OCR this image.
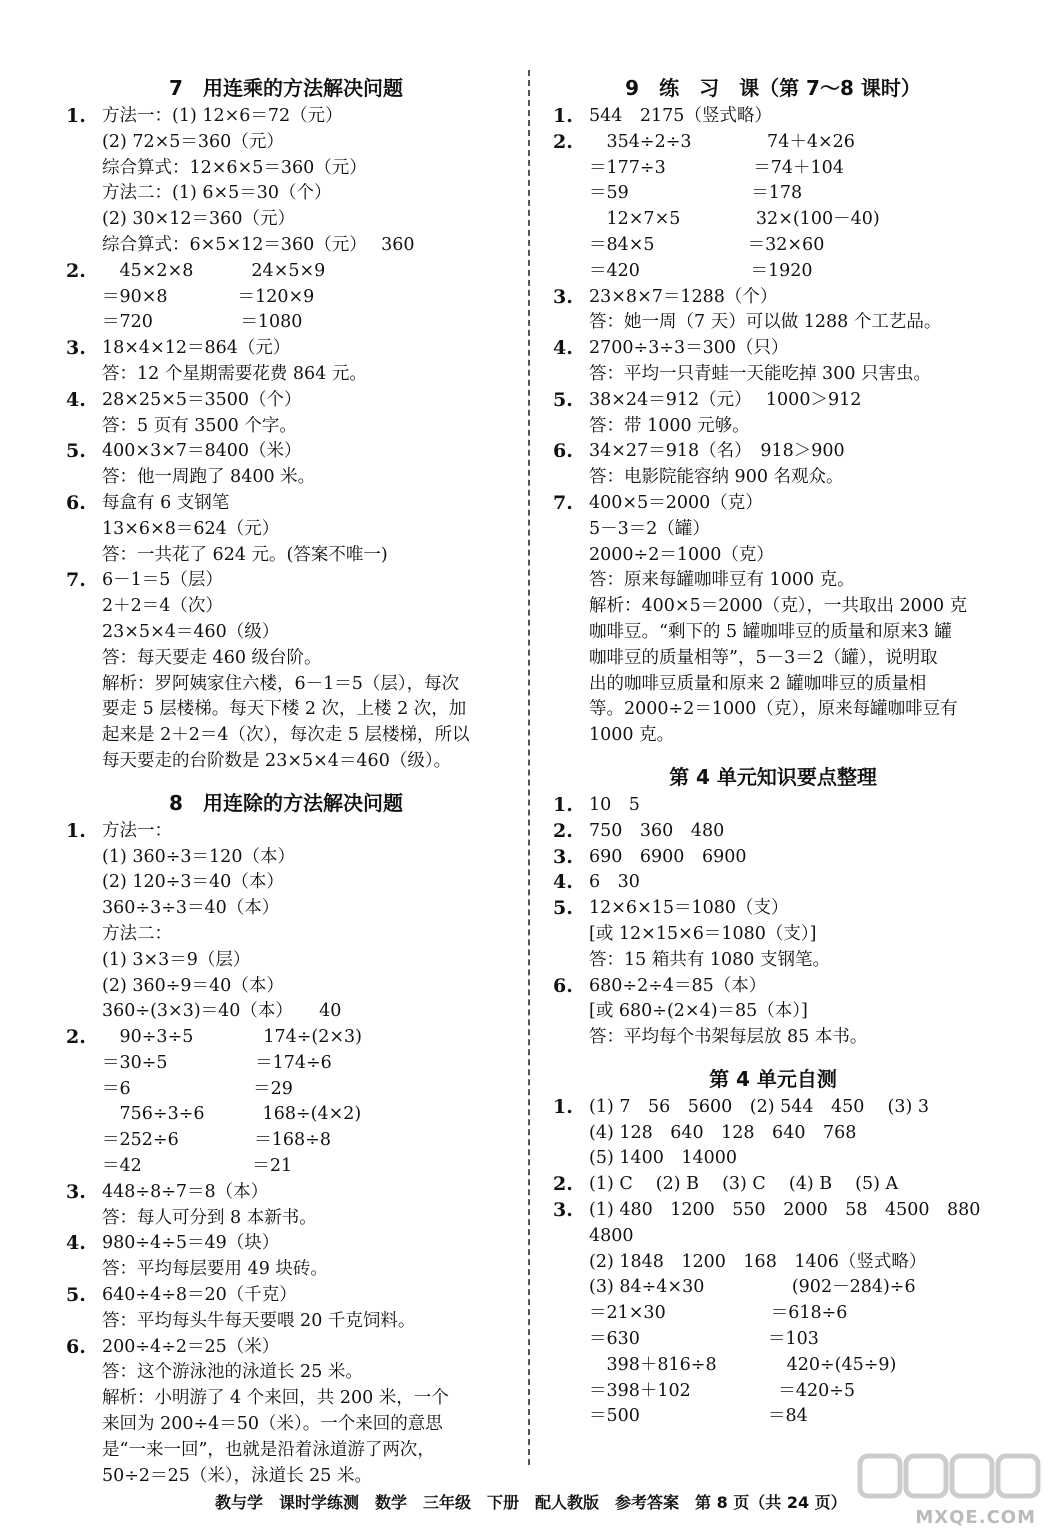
7　用连乘的方法解决问题
1. 方法一：(1) 12×6＝72（元）
(2) 72×5＝360（元）
综合算式：12×6×5＝360（元）
方法二：(1) 6×5＝30（个）
(2) 30×12＝360（元）
综合算式：6×5×12＝360（元）　 360
2. 　45×2×8　　　 24×5×9
＝90×8　　　　＝120×9
＝720　　　　　＝1080
3. 18×4×12＝864（元）
答：12 个星期需要花费 864 元。
4. 28×25×5＝3500（个）
答：5 页有 3500 个字。
5. 400×3×7＝8400（米）
答：他一周跑了 8400 米。
6. 每盒有 6 支钢笔
13×6×8＝624（元）
答：一共花了 624 元。(答案不唯一)
7. 6－1＝5（层）
2＋2＝4（次）
23×5×4＝460（级）
答：每天要走 460 级台阶。
解析：罗阿姨家住六楼，6－1＝5（层），每次
要走 5 层楼梯。每天下楼 2 次，上楼 2 次，加
起来是 2＋2＝4（次），每次走 5 层楼梯，所以
每天要走的台阶数是 23×5×4＝460（级）。
8　用连除的方法解决问题
1. 方法一：
(1) 360÷3＝120（本）
(2) 120÷3＝40（本）
360÷3÷3＝40（本）
方法二：
(1) 3×3＝9（层）
(2) 360÷9＝40（本）
360÷(3×3)＝40（本）　　40
2. 　90÷3÷5　　　　174÷(2×3)
＝30÷5　　　　　＝174÷6
＝6　　　　　　　＝29
　756÷3÷6　　　 168÷(4×2)
＝252÷6　　　　 ＝168÷8
＝42　　　　　　 ＝21
3. 448÷8÷7＝8（本）
答：每人可分到 8 本新书。
4. 980÷4÷5＝49（块）
答：平均每层要用 49 块砖。
5. 640÷4÷8＝20（千克）
答：平均每头牛每天要喂 20 千克饲料。
6. 200÷4÷2＝25（米）
答：这个游泳池的泳道长 25 米。
解析：小明游了 4 个来回，共 200 米，一个
来回为 200÷4＝50（米）。一个来回的意思
是“一来一回”，也就是沿着泳道游了两次，
50÷2＝25（米），泳道长 25 米。
9　练　习　课（第 7～8 课时）
1. 544　2175（竖式略）
2. 　354÷2÷3　　　　 74＋4×26
＝177÷3　　　　　＝74＋104
＝59　　　　　　　＝178
　12×7×5　　　　 32×(100－40)
＝84×5　　　　　 ＝32×60
＝420　　　　　　 ＝1920
3. 23×8×7＝1288（个）
答：她一周（7 天）可以做 1288 个工艺品。
4. 2700÷3÷3＝300（只）
答：平均一只青蛙一天能吃掉 300 只害虫。
5. 38×24＝912（元）　 1000＞912
答：带 1000 元够。
6. 34×27＝918（名）　918＞900
答：电影院能容纳 900 名观众。
7. 400×5＝2000（克）
5－3＝2（罐）
2000÷2＝1000（克）
答：原来每罐咖啡豆有 1000 克。
解析：400×5＝2000（克），一共取出 2000 克
咖啡豆。“剩下的 5 罐咖啡豆的质量和原来3 罐
咖啡豆的质量相等”，5－3＝2（罐），说明取
出的咖啡豆质量和原来 2 罐咖啡豆的质量相
等。2000÷2＝1000（克），原来每罐咖啡豆有
1000 克。
第 4 单元知识要点整理
1. 10　5
2. 750　360　480
3. 690　6900　6900
4. 6　30
5. 12×6×15＝1080（支）
[或 12×15×6＝1080（支）]
答：15 箱共有 1080 支钢笔。
6. 680÷2÷4＝85（本）
[或 680÷(2×4)＝85（本）]
答：平均每个书架每层放 85 本书。
第 4 单元自测
1. (1) 7　56　5600　(2) 544　450　 (3) 3
(4) 128　640　128　640　768
(5) 1400　14000
2. (1) C　 (2) B　 (3) C　 (4) B　 (5) A
3. (1) 480　1200　550　2000　58　4500　880
4800
(2) 1848　1200　168　1406（竖式略）
(3) 84÷4×30　　　　　(902－284)÷6
＝21×30　　　　　　＝618÷6
＝630　　　　　　　 ＝103
　398＋816÷8　　　　420÷(45÷9)
＝398＋102　　　　　＝420÷5
＝500　　　　　　　 ＝84
教与学　课时学练测　数学　三年级　下册　配人教版　参考答案　第 8 页（共 24 页）
MXQE.COM
